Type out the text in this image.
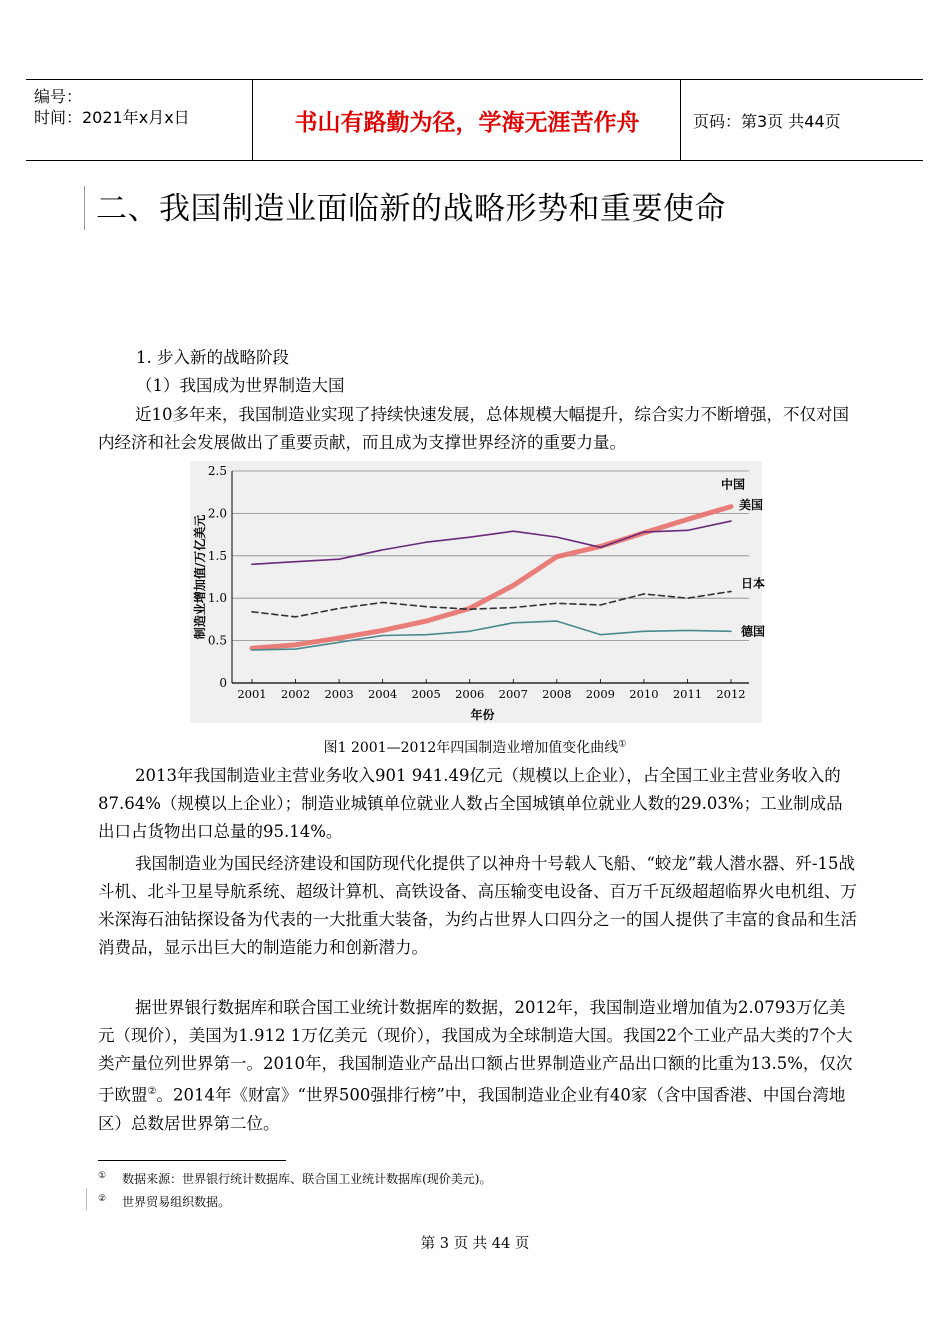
编号：
时间：2021年x月x日	书山有路勤为径，学海无涯苦作舟	页码：第3页 共44页
二、我国制造业面临新的战略形势和重要使命
1. 步入新的战略阶段
（1）我国成为世界制造大国
近10多年来，我国制造业实现了持续快速发展，总体规模大幅提升，综合实力不断增强，不仅对国内经济和社会发展做出了重要贡献，而且成为支撑世界经济的重要力量。
0
0.5
1.0
1.5
2.0
2.5
2001 2002 2003 2004 2005 2006 2007 2008 2009 2010 2011 2012
年份
制造业增加值/万亿美元
中国
美国
日本
德国
图1 2001—2012年四国制造业增加值变化曲线①
2013年我国制造业主营业务收入901 941.49亿元（规模以上企业），占全国工业主营业务收入的87.64%（规模以上企业）；制造业城镇单位就业人数占全国城镇单位就业人数的29.03%；工业制成品出口占货物出口总量的95.14%。
我国制造业为国民经济建设和国防现代化提供了以神舟十号载人飞船、“蛟龙”载人潜水器、歼-15战斗机、北斗卫星导航系统、超级计算机、高铁设备、高压输变电设备、百万千瓦级超超临界火电机组、万米深海石油钻探设备为代表的一大批重大装备，为约占世界人口四分之一的国人提供了丰富的食品和生活消费品，显示出巨大的制造能力和创新潜力。
据世界银行数据库和联合国工业统计数据库的数据，2012年，我国制造业增加值为2.0793万亿美元（现价），美国为1.912 1万亿美元（现价），我国成为全球制造大国。我国22个工业产品大类的7个大类产量位列世界第一。2010年，我国制造业产品出口额占世界制造业产品出口额的比重为13.5%，仅次于欧盟②。2014年《财富》“世界500强排行榜”中，我国制造业企业有40家（含中国香港、中国台湾地区）总数居世界第二位。
① 数据来源：世界银行统计数据库、联合国工业统计数据库(现价美元)。
② 世界贸易组织数据。
第 3 页 共 44 页
